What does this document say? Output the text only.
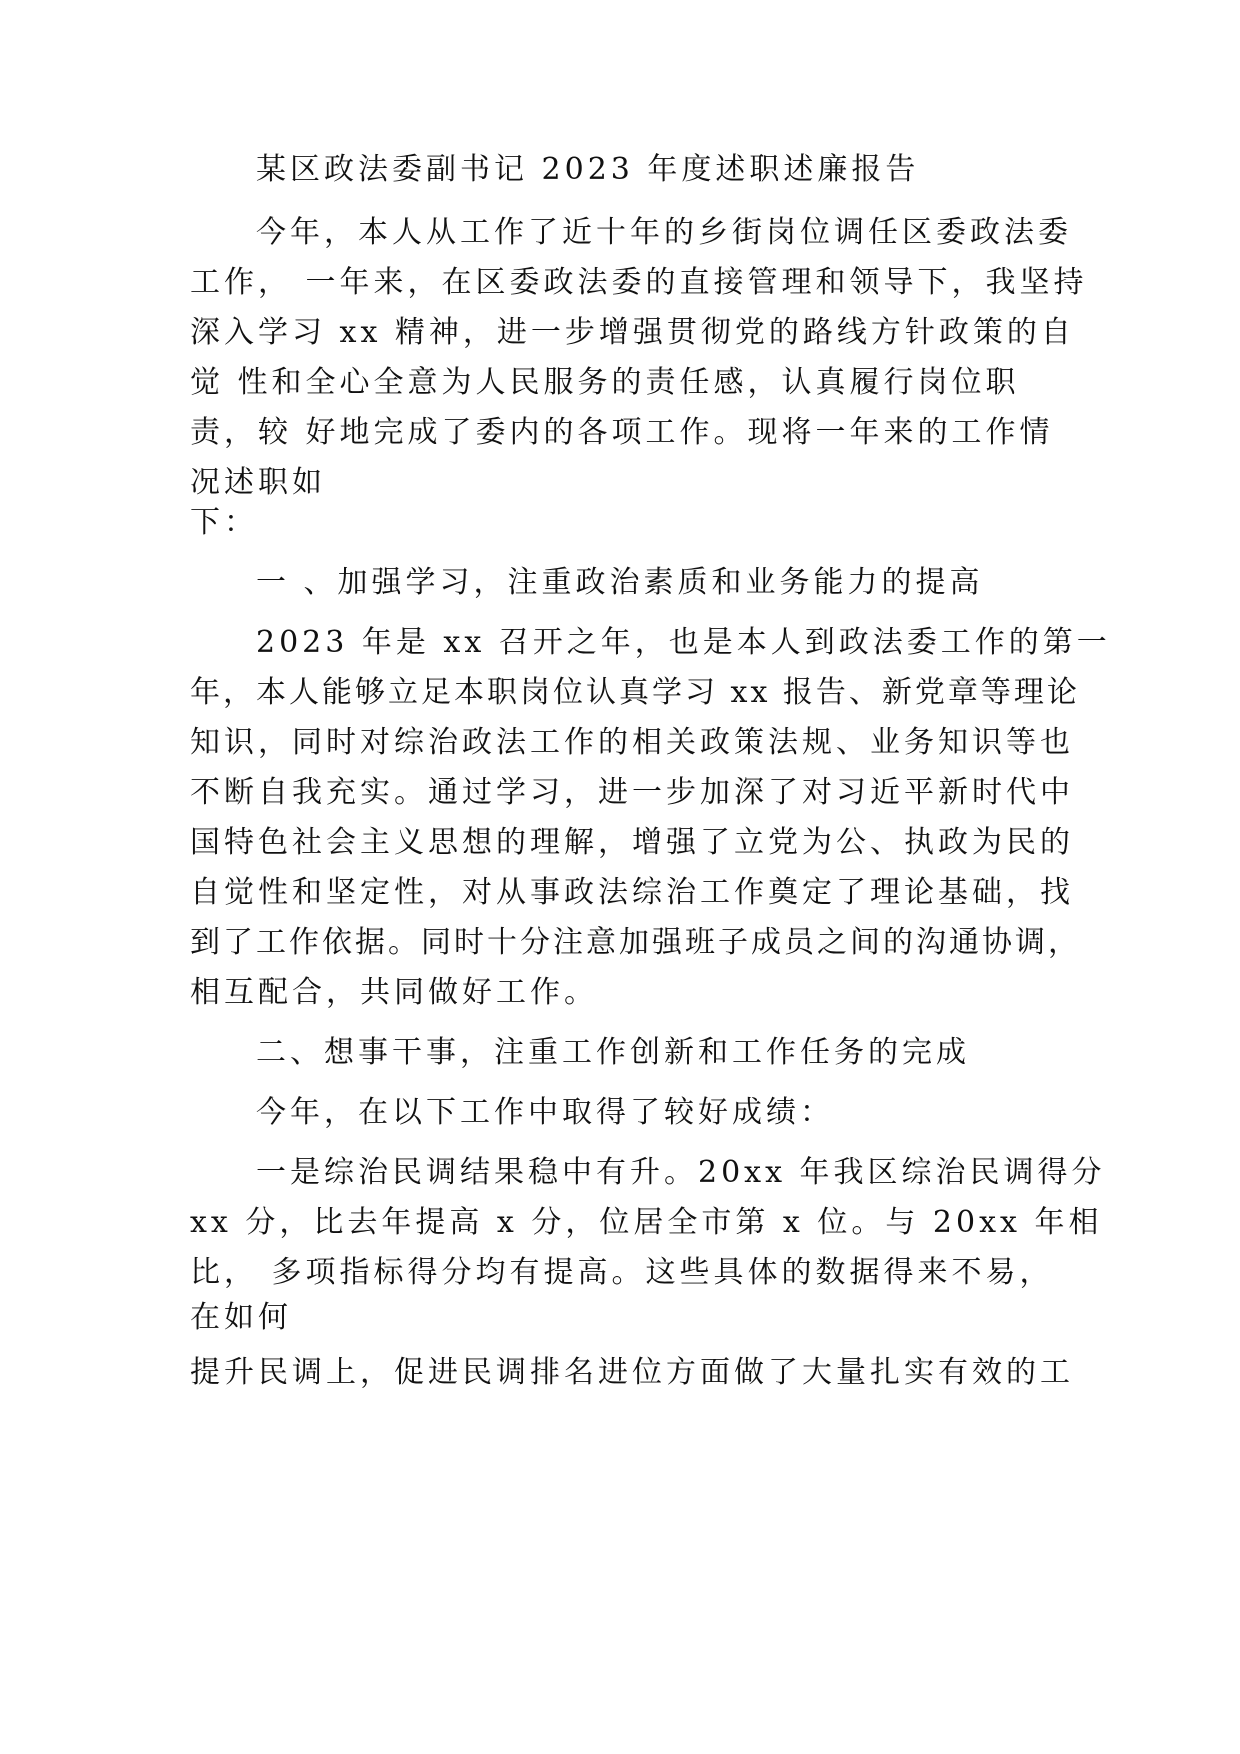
某区政法委副书记 2023 年度述职述廉报告

今年，本人从工作了近十年的乡街岗位调任区委政法委

工作， 一年来，在区委政法委的直接管理和领导下，我坚持

深入学习 xx 精神，进一步增强贯彻党的路线方针政策的自

觉 性和全心全意为人民服务的责任感，认真履行岗位职

责，较 好地完成了委内的各项工作。现将一年来的工作情

况述职如

下：

一 、加强学习，注重政治素质和业务能力的提高

2023 年是 xx 召开之年，也是本人到政法委工作的第一

年，本人能够立足本职岗位认真学习 xx 报告、新党章等理论

知识，同时对综治政法工作的相关政策法规、业务知识等也

不断自我充实。通过学习，进一步加深了对习近平新时代中

国特色社会主义思想的理解，增强了立党为公、执政为民的

自觉性和坚定性，对从事政法综治工作奠定了理论基础，找

到了工作依据。同时十分注意加强班子成员之间的沟通协调，

相互配合，共同做好工作。

二、想事干事，注重工作创新和工作任务的完成

今年，在以下工作中取得了较好成绩：

一是综治民调结果稳中有升。20xx 年我区综治民调得分

xx 分，比去年提高 x 分，位居全市第 x 位。与 20xx 年相

比， 多项指标得分均有提高。这些具体的数据得来不易，

在如何

提升民调上，促进民调排名进位方面做了大量扎实有效的工
